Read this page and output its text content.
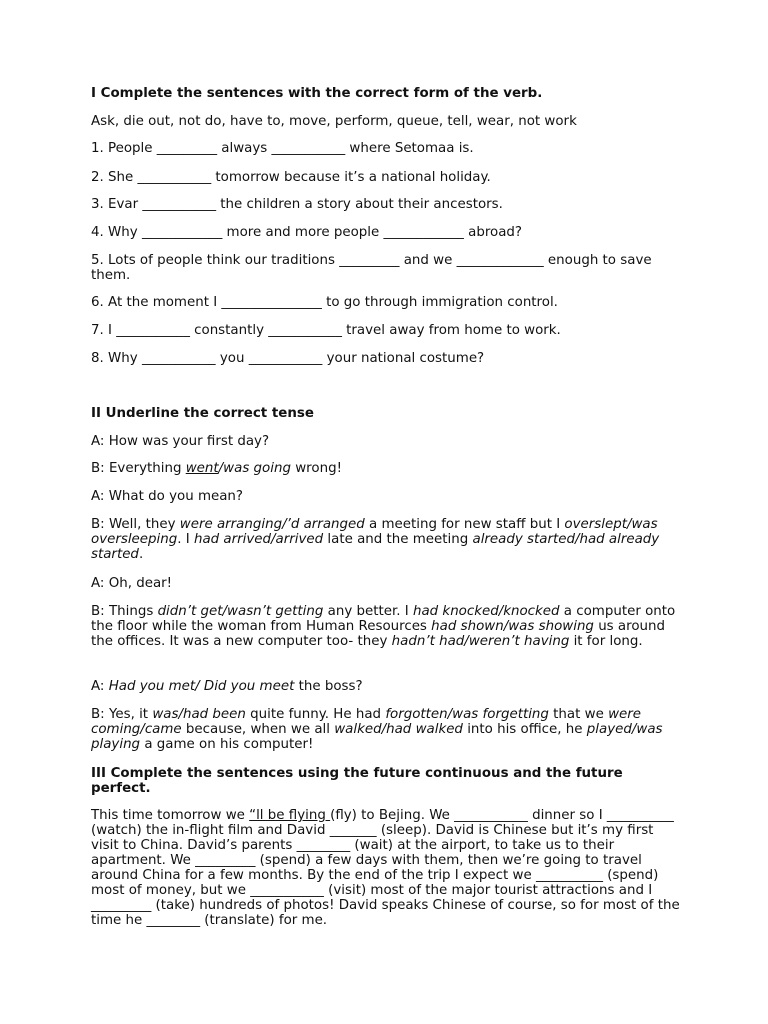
I Complete the sentences with the correct form of the verb.

Ask, die out, not do, have to, move, perform, queue, tell, wear, not work

1. People _________ always ___________ where Setomaa is.

2. She ___________ tomorrow because it’s a national holiday.

3. Evar ___________ the children a story about their ancestors.

4. Why ____________ more and more people ____________ abroad?

5. Lots of people think our traditions _________ and we _____________ enough to save them.

6. At the moment I _______________ to go through immigration control.

7. I ___________ constantly ___________ travel away from home to work.

8. Why ___________ you ___________ your national costume?

II Underline the correct tense

A: How was your first day?

B: Everything went/was going wrong!

A: What do you mean?

B: Well, they were arranging/’d arranged a meeting for new staff but I overslept/was oversleeping. I had arrived/arrived late and the meeting already started/had already started.

A: Oh, dear!

B: Things didn’t get/wasn’t getting any better. I had knocked/knocked a computer onto the floor while the woman from Human Resources had shown/was showing us around the offices. It was a new computer too- they hadn’t had/weren’t having it for long.

A: Had you met/ Did you meet the boss?

B: Yes, it was/had been quite funny. He had forgotten/was forgetting that we were coming/came because, when we all walked/had walked into his office, he played/was playing a game on his computer!

III Complete the sentences using the future continuous and the future perfect.

This time tomorrow we “ll be flying (fly) to Bejing. We ___________ dinner so I __________ (watch) the in-flight film and David _______ (sleep). David is Chinese but it’s my first visit to China. David’s parents ________ (wait) at the airport, to take us to their apartment. We _________ (spend) a few days with them, then we’re going to travel around China for a few months. By the end of the trip I expect we __________ (spend) most of money, but we ___________ (visit) most of the major tourist attractions and I _________ (take) hundreds of photos! David speaks Chinese of course, so for most of the time he ________ (translate) for me.
